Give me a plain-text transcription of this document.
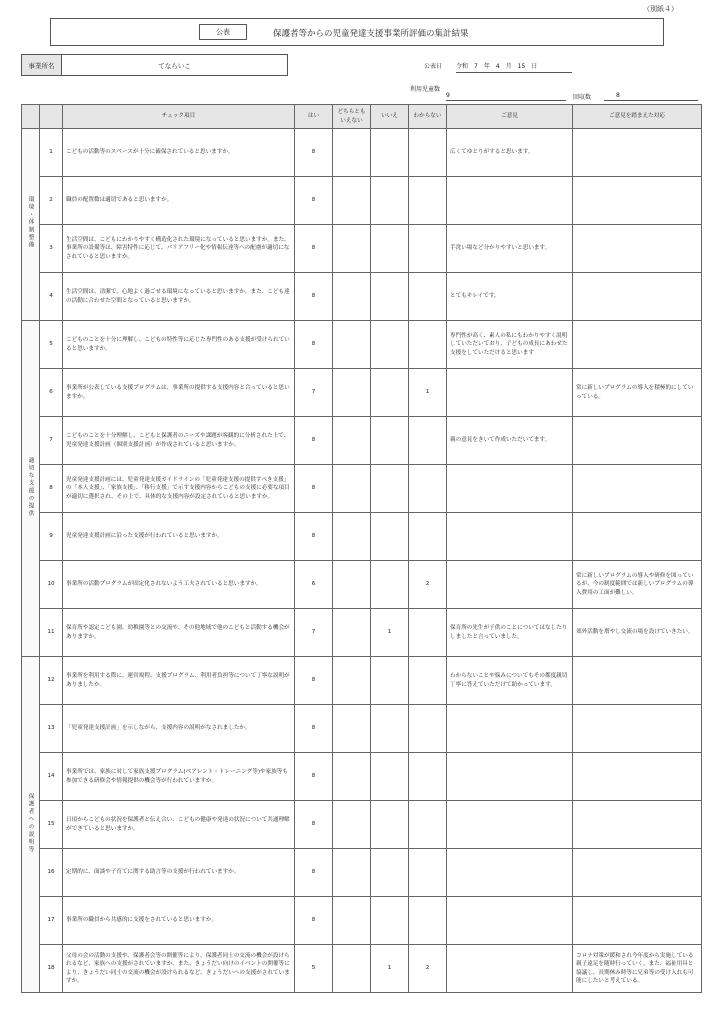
（別紙４）
公表	保護者等からの児童発達支援事業所評価の集計結果
事業所名	てならいこ	公表日 令和　7　年　4　月　15　日
利用児童数
9	回収数	8
		チェック項目	はい	どちらとも
いえない	いいえ	わからない	ご意見	ご意見を踏まえた対応
環境・体制整備	1	こどもの活動等のスペースが十分に確保されていると思いますか。	8				広くてゆとりがすると思います。	
	2	職員の配置数は適切であると思いますか。	8					
	3	生活空間は、こどもにわかりやすく構造化された環境になっていると思いますか。また、事業所の設備等は、障害特性に応じて、バリアフリー化や情報伝達等への配慮が適切になされていると思いますか。	8				手洗い場など分かりやすいと思います。	
	4	生活空間は、清潔で、心地よく過ごせる環境になっていると思いますか。また、こども達の活動に合わせた空間となっていると思いますか。	8				とてもキレイです。	
適切な支援の提供	5	こどものことを十分に理解し、こどもの特性等に応じた専門性のある支援が受けられていると思いますか。	8				専門性が高く、素人の私にもわかりやすく説明していただいており、子どもの成長にあわせた支援をしていただけると思います	
	6	事業所が公表している支援プログラムは、事業所の提供する支援内容と合っていると思いますか。	7			1		常に新しいプログラムの導入を積極的にしていっている。
	7	こどものことを十分理解し、こどもと保護者のニーズや課題が客観的に分析された上で、児童発達支援計画（個別支援計画）が作成されていると思いますか。	8				親の意見をきいて作成いただいてます。	
	8	児童発達支援計画には、児童発達支援ガイドラインの「児童発達支援の提供すべき支援」の「本人支援」、「家族支援」、「移行支援」で示す支援内容からこどもの支援に必要な項目が適切に選択され、その上で、具体的な支援内容が設定されていると思いますか。	8					
	9	児童発達支援計画に沿った支援が行われていると思いますか。	8					
	10	事業所の活動プログラムが固定化されないよう工夫されていると思いますか。	6			2		常に新しいプログラムの導入や研修を図っているが、今の制度範囲では新しいプログラムの導入費用の工面が難しい。
	11	保育所や認定こども園、幼稚園等との交流や、その他地域で他のこどもと活動する機会がありますか。	7		1		保育所の先生が子供のことについてはなしたりしましたと言っていました。	郊外活動を増やし交流の場を設けていきたい。
保護者への説明等	12	事業所を利用する際に、運営規程、支援プログラム、利用者負担等について丁寧な説明がありましたか。	8				わからないことや悩みについてもその都度親切丁寧に答えていただけて助かっています。	
	13	「児童発達支援計画」を示しながら、支援内容の説明がなされましたか。	8					
	14	事業所では、家族に対して家族支援プログラム(ペアレント・トレーニング等)や家族等も参加できる研修会や情報提供の機会等が行われていますか。	8					
	15	日頃からこどもの状況を保護者と伝え合い、こどもの健康や発達の状況について共通理解ができていると思いますか。	8					
	16	定期的に、面談や子育てに関する助言等の支援が行われていますか。	8					
	17	事業所の職員から共感的に支援をされていると思いますか。	8					
	18	父母の会の活動の支援や、保護者会等の開催等により、保護者同士の交流の機会が設けられるなど、家族への支援がされていますか。また、きょうだい向けのイベントの開催等により、きょうだい同士の交流の機会が設けられるなど、きょうだいへの支援がされていますか。	5		1	2		コロナ対策が緩和され今年度から実施している親子遠足を随時行っていく。また、福祉用具と協議し、長期休み時等に兄弟等の受け入れも可能にしたいと考えている。
